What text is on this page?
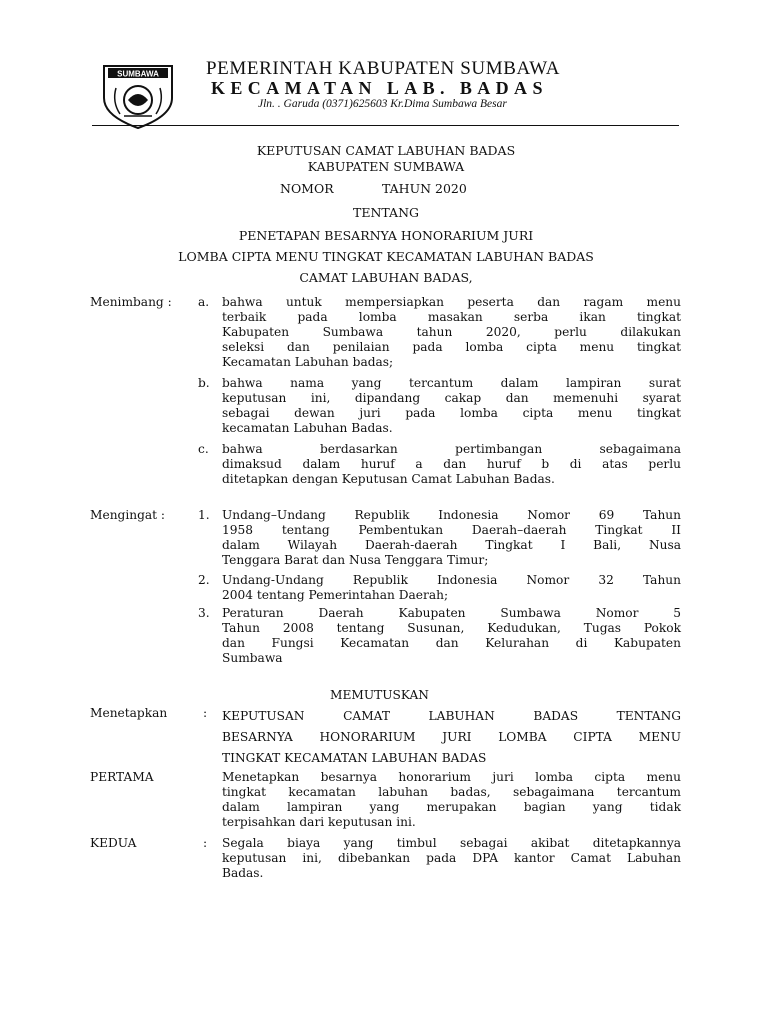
SUMBAWA PEMERINTAH KABUPATEN SUMBAWA
KECAMATAN LAB. BADAS
Jln. . Garuda (0371)625603 Kr.Dima Sumbawa Besar
KEPUTUSAN CAMAT LABUHAN BADAS
KABUPATEN SUMBAWA
NOMOR	TAHUN 2020
TENTANG
PENETAPAN BESARNYA HONORARIUM JURI
LOMBA CIPTA MENU TINGKAT KECAMATAN LABUHAN BADAS
CAMAT LABUHAN BADAS,
Menimbang : a. bahwa untuk mempersiapkan peserta dan ragam menu
terbaik pada lomba masakan serba ikan tingkat
Kabupaten Sumbawa tahun 2020, perlu dilakukan
seleksi dan penilaian pada lomba cipta menu tingkat
Kecamatan Labuhan badas;
b. bahwa nama yang tercantum dalam lampiran surat
keputusan ini, dipandang cakap dan memenuhi syarat
sebagai dewan juri pada lomba cipta menu tingkat
kecamatan Labuhan Badas.
c. bahwa berdasarkan pertimbangan sebagaimana
dimaksud dalam huruf a dan huruf b di atas perlu
ditetapkan dengan Keputusan Camat Labuhan Badas.
Mengingat :	1. Undang–Undang Republik Indonesia Nomor 69 Tahun
1958 tentang Pembentukan Daerah–daerah Tingkat II
dalam Wilayah Daerah-daerah Tingkat I Bali, Nusa
Tenggara Barat dan Nusa Tenggara Timur;
2. Undang-Undang Republik Indonesia Nomor 32 Tahun
2004 tentang Pemerintahan Daerah;
3. Peraturan Daerah Kabupaten Sumbawa Nomor 5
Tahun 2008 tentang Susunan, Kedudukan, Tugas Pokok
dan Fungsi Kecamatan dan Kelurahan di Kabupaten
Sumbawa
MEMUTUSKAN
Menetapkan	: KEPUTUSAN CAMAT LABUHAN BADAS TENTANG
BESARNYA HONORARIUM JURI LOMBA CIPTA MENU
TINGKAT KECAMATAN LABUHAN BADAS
PERTAMA	Menetapkan besarnya honorarium juri lomba cipta menu
tingkat kecamatan labuhan badas, sebagaimana tercantum
dalam lampiran yang merupakan bagian yang tidak
terpisahkan dari keputusan ini.
KEDUA	: Segala biaya yang timbul sebagai akibat ditetapkannya
keputusan ini, dibebankan pada DPA kantor Camat Labuhan
Badas.
